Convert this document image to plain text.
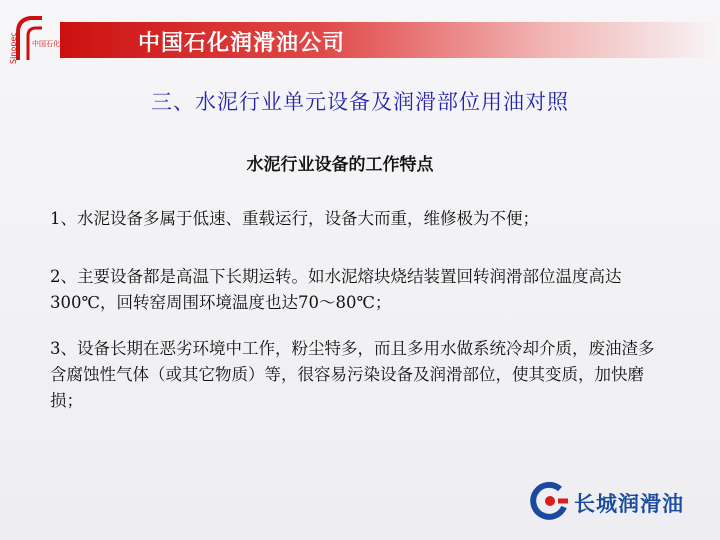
中国石化
Sinopec	中国石化润滑油公司
三、水泥行业单元设备及润滑部位用油对照
水泥行业设备的工作特点
1、水泥设备多属于低速、重载运行，设备大而重，维修极为不便；
2、主要设备都是高温下长期运转。如水泥熔块烧结装置回转润滑部位温度高达300℃，回转窑周围环境温度也达70～80℃；
3、设备长期在恶劣环境中工作，粉尘特多，而且多用水做系统冷却介质，废油渣多含腐蚀性气体（或其它物质）等，很容易污染设备及润滑部位，使其变质，加快磨损；
长城润滑油
